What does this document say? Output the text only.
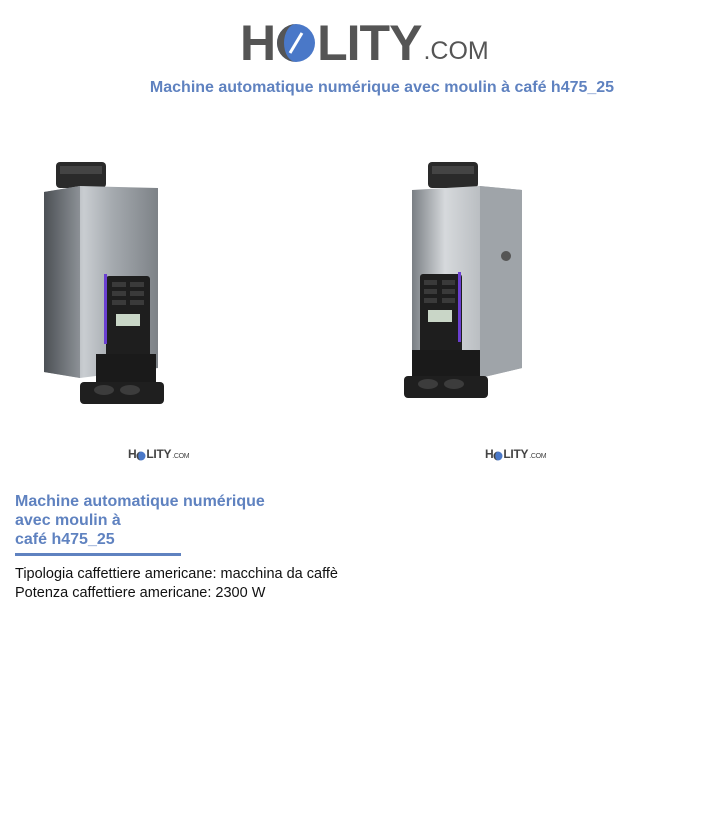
H LITY .COM
Machine automatique numérique avec moulin à café h475_25
H LITY .COM	H LITY .COM
Machine automatique numérique
avec moulin à
café h475_25
Tipologia caffettiere americane: macchina da caffè
Potenza caffettiere americane: 2300 W
